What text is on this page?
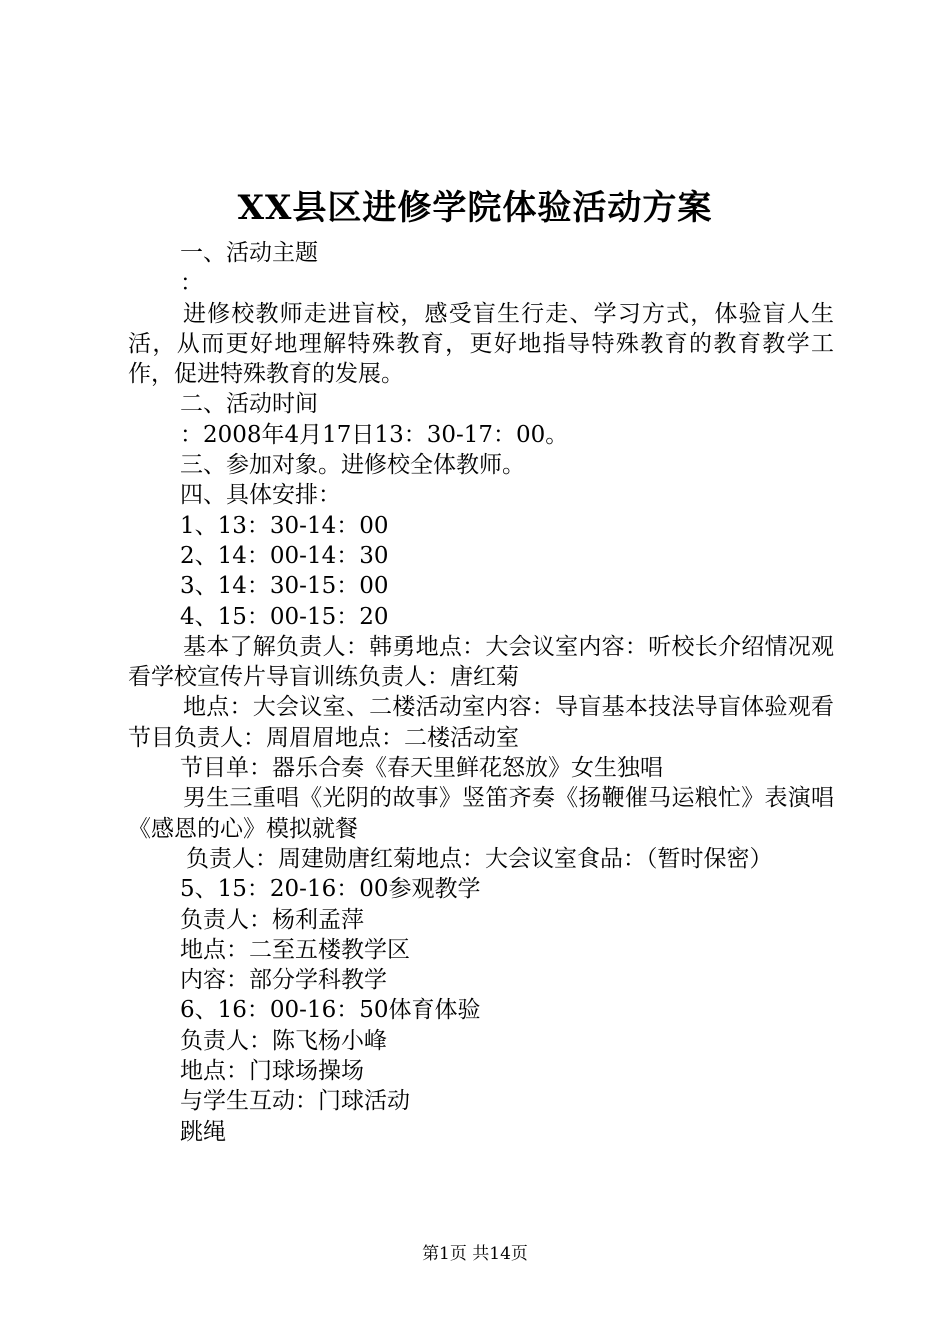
XX县区进修学院体验活动方案

一、活动主题

：

进修校教师走进盲校，感受盲生行走、学习方式，体验盲人生活，从而更好地理解特殊教育，更好地指导特殊教育的教育教学工作，促进特殊教育的发展。

二、活动时间

：2008年4月17日13：30-17：00。

三、参加对象。进修校全体教师。

四、具体安排：

1、13：30-14：00

2、14：00-14：30

3、14：30-15：00

4、15：00-15：20

基本了解负责人：韩勇地点：大会议室内容：听校长介绍情况观看学校宣传片导盲训练负责人：唐红菊

地点：大会议室、二楼活动室内容：导盲基本技法导盲体验观看节目负责人：周眉眉地点：二楼活动室

节目单：器乐合奏《春天里鲜花怒放》女生独唱

男生三重唱《光阴的故事》竖笛齐奏《扬鞭催马运粮忙》表演唱《感恩的心》模拟就餐

负责人：周建勋唐红菊地点：大会议室食品：（暂时保密）

5、15：20-16：00参观教学

负责人：杨利孟萍

地点：二至五楼教学区

内容：部分学科教学

6、16：00-16：50体育体验

负责人：陈飞杨小峰

地点：门球场操场

与学生互动：门球活动

跳绳

第1页 共14页
